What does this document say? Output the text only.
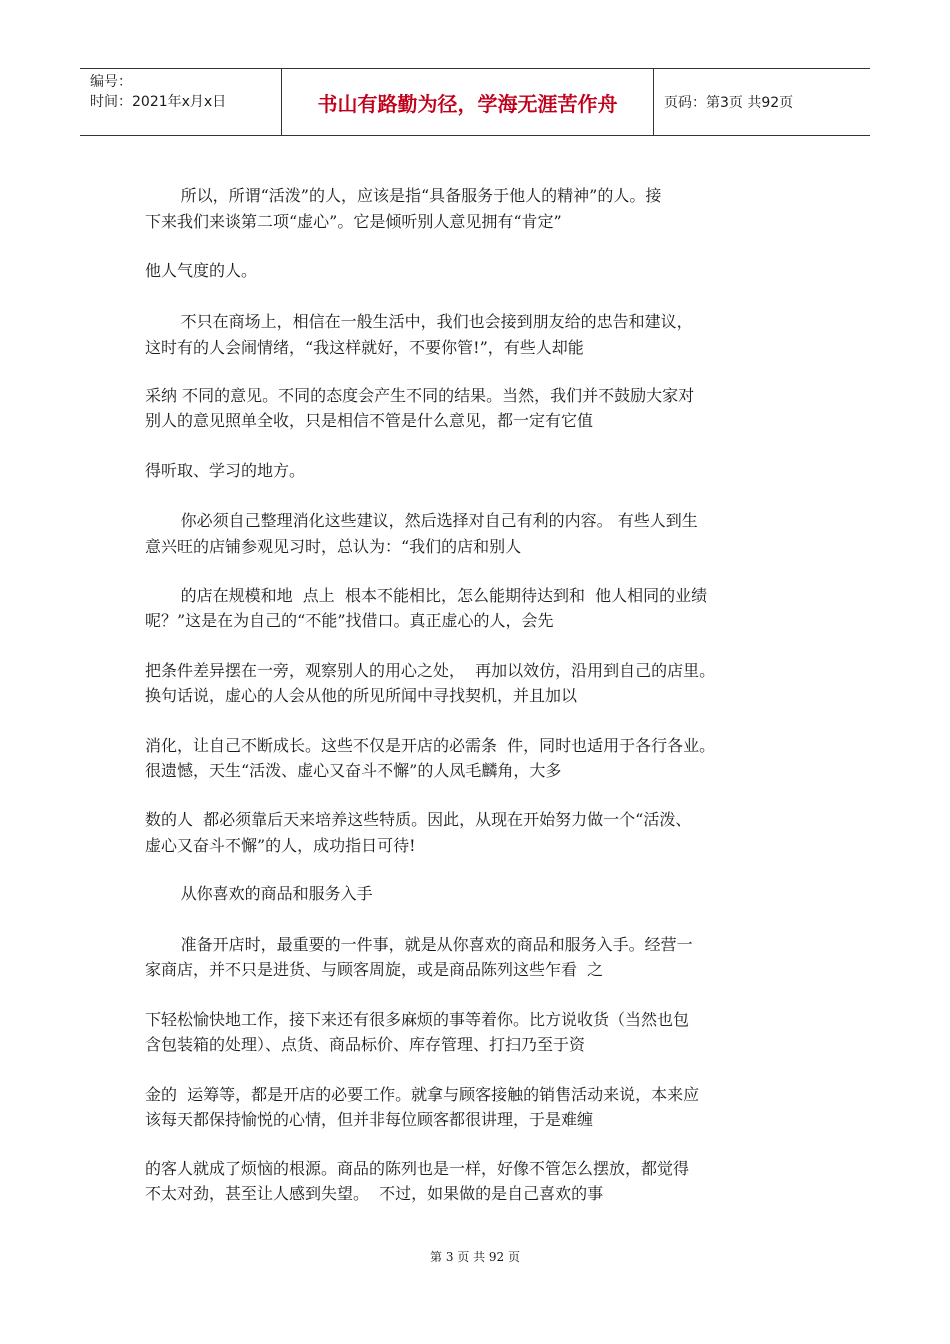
编号：
时间：2021年x月x日	书山有路勤为径，学海无涯苦作舟	页码：第3页 共92页
所以，所谓“活泼”的人，应该是指“具备服务于他人的精神”的人。接
下来我们来谈第二项“虚心”。它是倾听别人意见拥有“肯定”
他人气度的人。
不只在商场上，相信在一般生活中，我们也会接到朋友给的忠告和建议，
这时有的人会闹情绪，“我这样就好，不要你管!”，有些人却能
采纳 不同的意见。不同的态度会产生不同的结果。当然，我们并不鼓励大家对
别人的意见照单全收，只是相信不管是什么意见，都一定有它值
得听取、学习的地方。
你必须自己整理消化这些建议，然后选择对自己有利的内容。 有些人到生
意兴旺的店铺参观见习时，总认为：“我们的店和别人
的店在规模和地  点上  根本不能相比，怎么能期待达到和  他人相同的业绩
呢？”这是在为自己的“不能”找借口。真正虚心的人，会先
把条件差异摆在一旁，观察别人的用心之处，  再加以效仿，沿用到自己的店里。
换句话说，虚心的人会从他的所见所闻中寻找契机，并且加以
消化，让自己不断成长。这些不仅是开店的必需条  件，同时也适用于各行各业。
很遗憾，天生“活泼、虚心又奋斗不懈”的人凤毛麟角，大多
数的人  都必须靠后天来培养这些特质。因此，从现在开始努力做一个“活泼、
虚心又奋斗不懈”的人，成功指日可待!
从你喜欢的商品和服务入手
准备开店时，最重要的一件事，就是从你喜欢的商品和服务入手。经营一
家商店，并不只是进货、与顾客周旋，或是商品陈列这些乍看  之
下轻松愉快地工作，接下来还有很多麻烦的事等着你。比方说收货（当然也包
含包装箱的处理）、点货、商品标价、库存管理、打扫乃至于资
金的  运筹等，都是开店的必要工作。就拿与顾客接触的销售活动来说，本来应
该每天都保持愉悦的心情，但并非每位顾客都很讲理，于是难缠
的客人就成了烦恼的根源。商品的陈列也是一样，好像不管怎么摆放，都觉得
不太对劲，甚至让人感到失望。  不过，如果做的是自己喜欢的事
第 3 页 共 92 页
